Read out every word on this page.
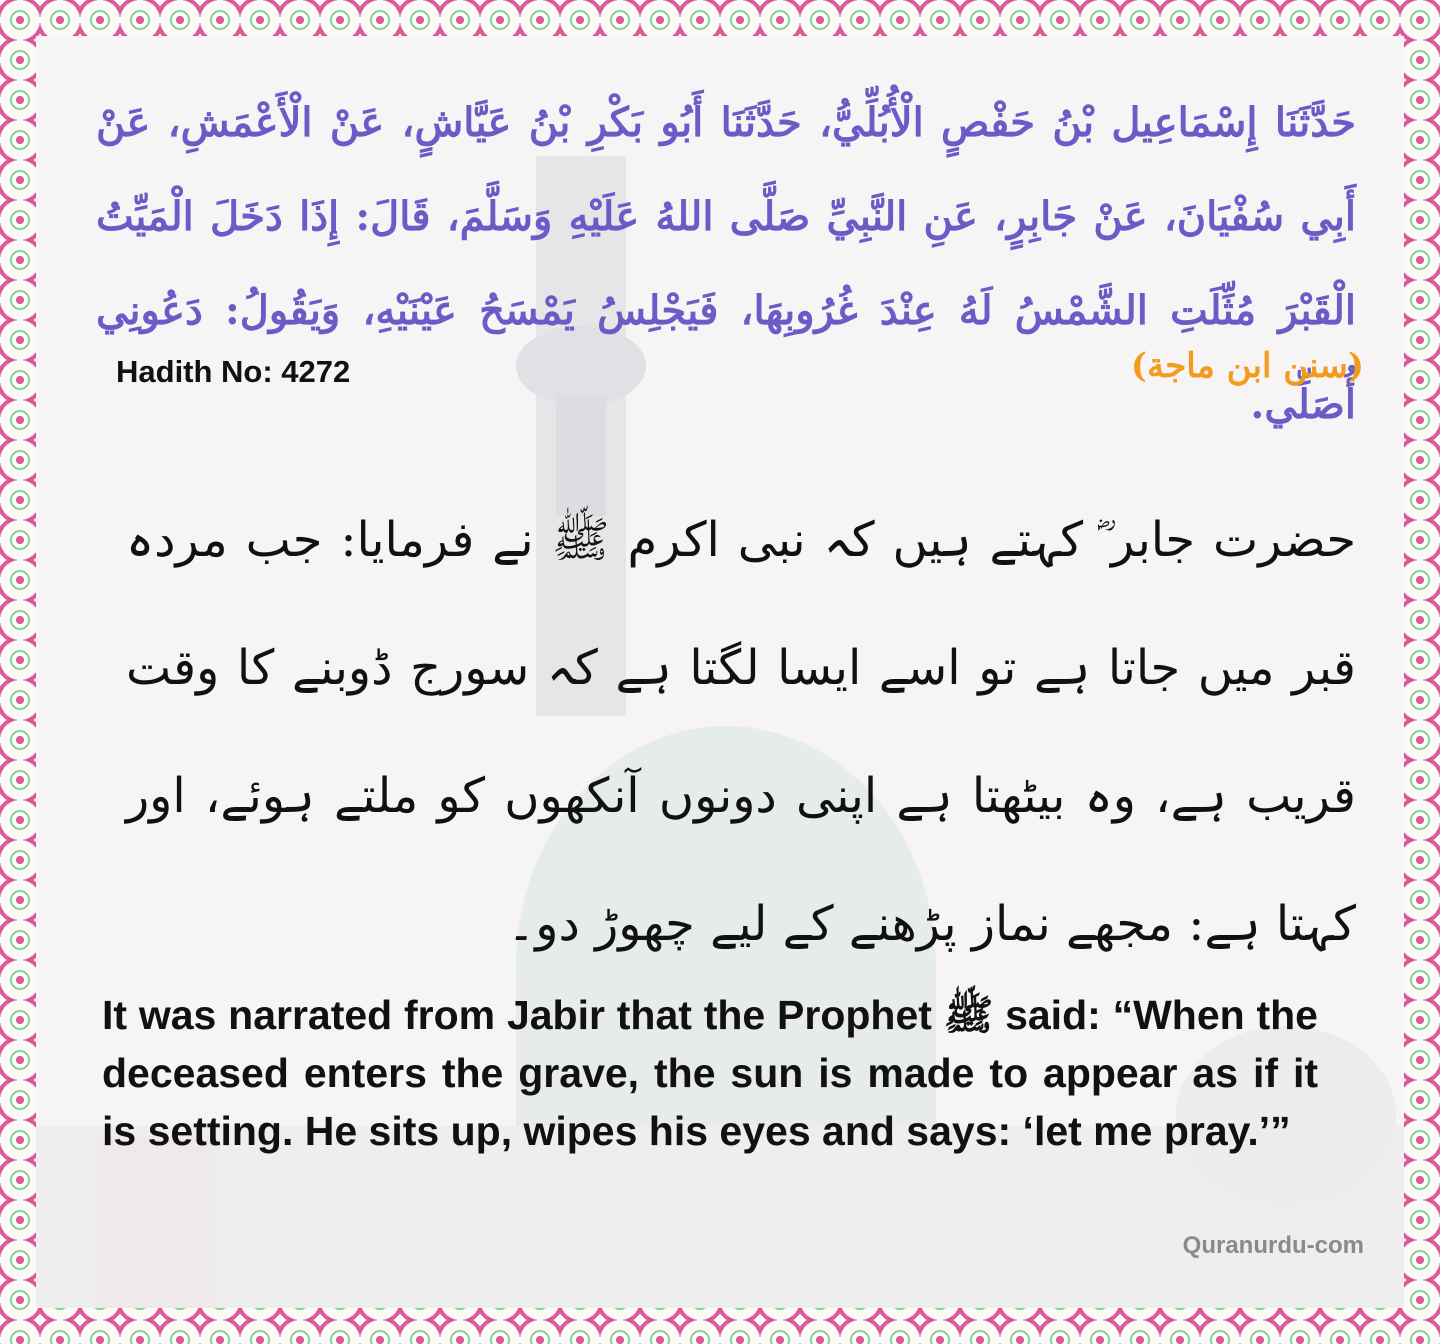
حَدَّثَنَا إِسْمَاعِيل بْنُ حَفْصٍ الْأُبُلِّيُّ، حَدَّثَنَا أَبُو بَكْرِ بْنُ عَيَّاشٍ، عَنْ الْأَعْمَشِ، عَنْ أَبِي سُفْيَانَ، عَنْ جَابِرٍ، عَنِ النَّبِيِّ صَلَّى اللهُ عَلَيْهِ وَسَلَّمَ، قَالَ: إِذَا دَخَلَ الْمَيِّتُ الْقَبْرَ مُثِّلَتِ الشَّمْسُ لَهُ عِنْدَ غُرُوبِهَا، فَيَجْلِسُ يَمْسَحُ عَيْنَيْهِ، وَيَقُولُ: دَعُونِي أُصَلِّي.
Hadith No: 4272	(سنن ابن ماجة)
حضرت جابر ؓ کہتے ہیں کہ نبی اکرم ﷺ نے فرمایا: جب مردہ قبر میں جاتا ہے تو اسے ایسا لگتا ہے کہ سورج ڈوبنے کا وقت قریب ہے، وہ بیٹھتا ہے اپنی دونوں آنکھوں کو ملتے ہوئے، اور کہتا ہے: مجھے نماز پڑھنے کے لیے چھوڑ دو۔
It was narrated from Jabir that the Prophet ﷺ said: “When the deceased enters the grave, the sun is made to appear as if it is setting. He sits up, wipes his eyes and says: ‘let me pray.’”
Quranurdu-com
